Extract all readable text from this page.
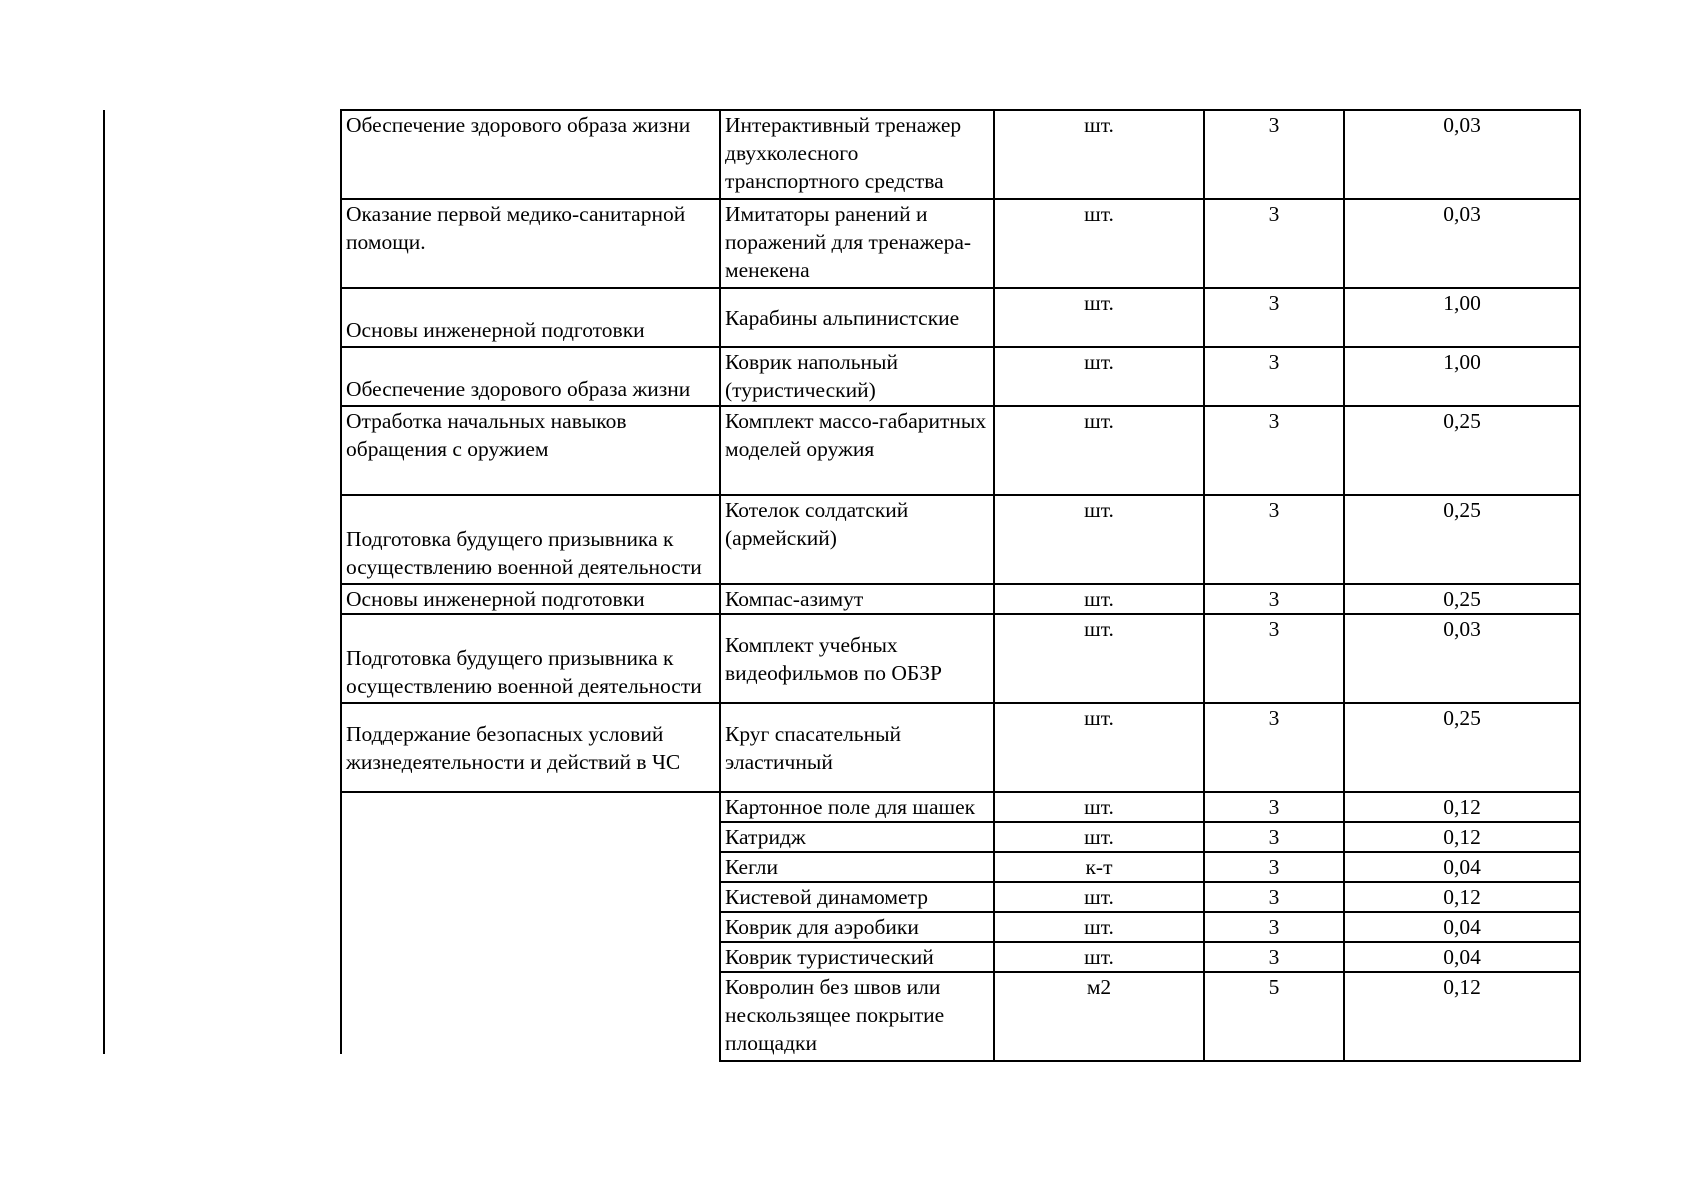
Обеспечение здорового образа жизни	Интерактивный тренажер двухколесного транспортного средства	шт.	3	0,03

Оказание первой медико-санитарной помощи.	Имитаторы ранений и поражений для тренажера-менекена	шт.	3	0,03

Основы инженерной подготовки	Карабины альпинистские	шт.	3	1,00

Обеспечение здорового образа жизни	Коврик напольный (туристический)	шт.	3	1,00

Отработка начальных навыков обращения с оружием	Комплект массо-габаритных моделей оружия	шт.	3	0,25

Подготовка будущего призывника к осуществлению военной деятельности	Котелок солдатский (армейский)	шт.	3	0,25

Основы инженерной подготовки	Компас-азимут	шт.	3	0,25

Подготовка будущего призывника к осуществлению военной деятельности	Комплект учебных видеофильмов по ОБЗР	шт.	3	0,03

Поддержание безопасных условий жизнедеятельности и действий в ЧС	Круг спасательный эластичный	шт.	3	0,25

	Картонное поле для шашек	шт.	3	0,12

	Катридж	шт.	3	0,12

	Кегли	к-т	3	0,04

	Кистевой динамометр	шт.	3	0,12

	Коврик для аэробики	шт.	3	0,04

	Коврик туристический	шт.	3	0,04

	Ковролин без швов или нескользящее покрытие площадки	м2	5	0,12
